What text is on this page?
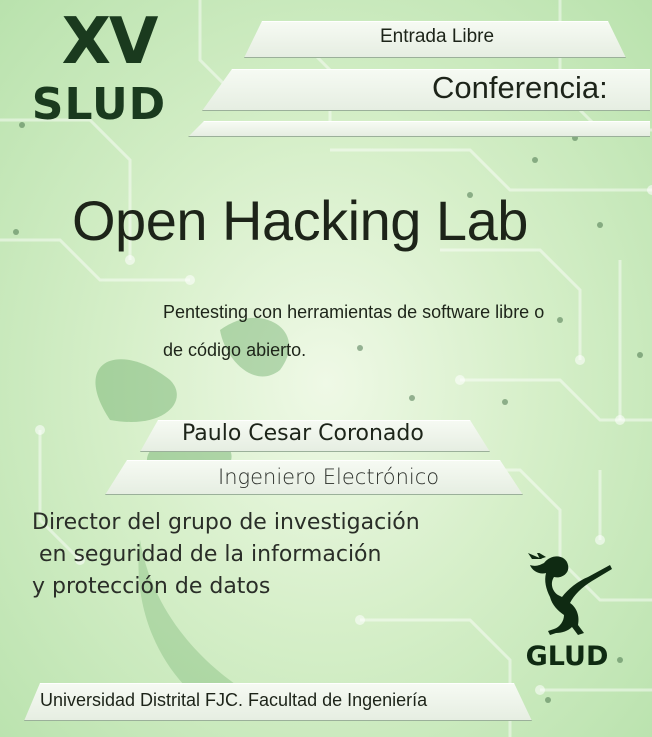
XV
SLUD
Entrada Libre
Conferencia:
Open Hacking Lab
Pentesting con herramientas de software libre o
de código abierto.
Paulo Cesar Coronado
Ingeniero Electrónico
Director del grupo de investigación
en seguridad de la información
y protección de datos
GLUD
Universidad Distrital FJC. Facultad de Ingeniería
